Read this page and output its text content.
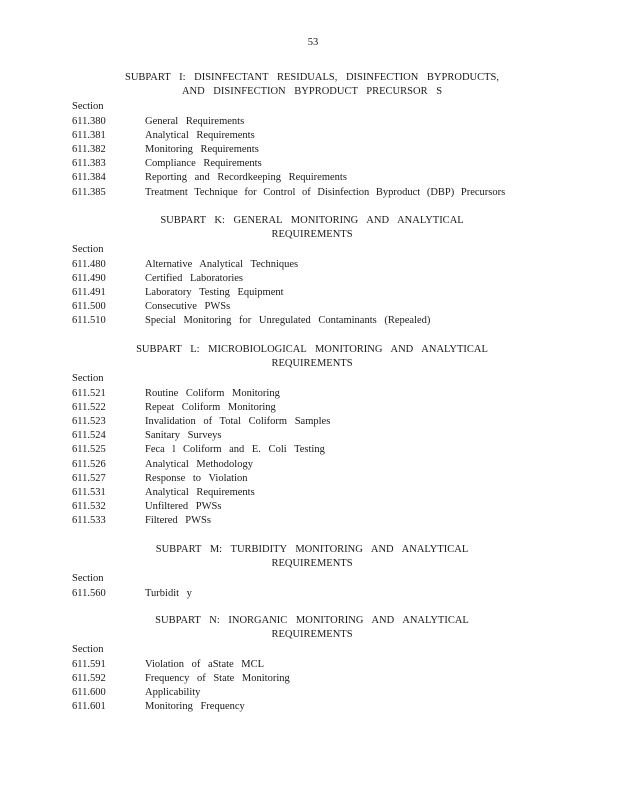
53
SUBPART I: DISINFECTANT RESIDUALS, DISINFECTION BYPRODUCTS,
AND DISINFECTION BYPRODUCT PRECURSOR S
Section
611.380	General Requirements
611.381	Analytical Requirements
611.382	Monitoring Requirements
611.383	Compliance Requirements
611.384	Reporting and Recordkeeping Requirements
611.385	Treatment Technique for Control of Disinfection Byproduct (DBP) Precursors
SUBPART K: GENERAL MONITORING AND ANALYTICAL
REQUIREMENTS
Section
611.480	Alternative Analytical Techniques
611.490	Certified Laboratories
611.491	Laboratory Testing Equipment
611.500	Consecutive PWSs
611.510	Special Monitoring for Unregulated Contaminants (Repealed)
SUBPART L: MICROBIOLOGICAL MONITORING AND ANALYTICAL
REQUIREMENTS
Section
611.521	Routine Coliform Monitoring
611.522	Repeat Coliform Monitoring
611.523	Invalidation of Total Coliform Samples
611.524	Sanitary Surveys
611.525	Feca l Coliform and E. Coli Testing
611.526	Analytical Methodology
611.527	Response to Violation
611.531	Analytical Requirements
611.532	Unfiltered PWSs
611.533	Filtered PWSs
SUBPART M: TURBIDITY MONITORING AND ANALYTICAL
REQUIREMENTS
Section
611.560	Turbidit y
SUBPART N: INORGANIC MONITORING AND ANALYTICAL
REQUIREMENTS
Section
611.591	Violation of aState MCL
611.592	Frequency of State Monitoring
611.600	Applicability
611.601	Monitoring Frequency
